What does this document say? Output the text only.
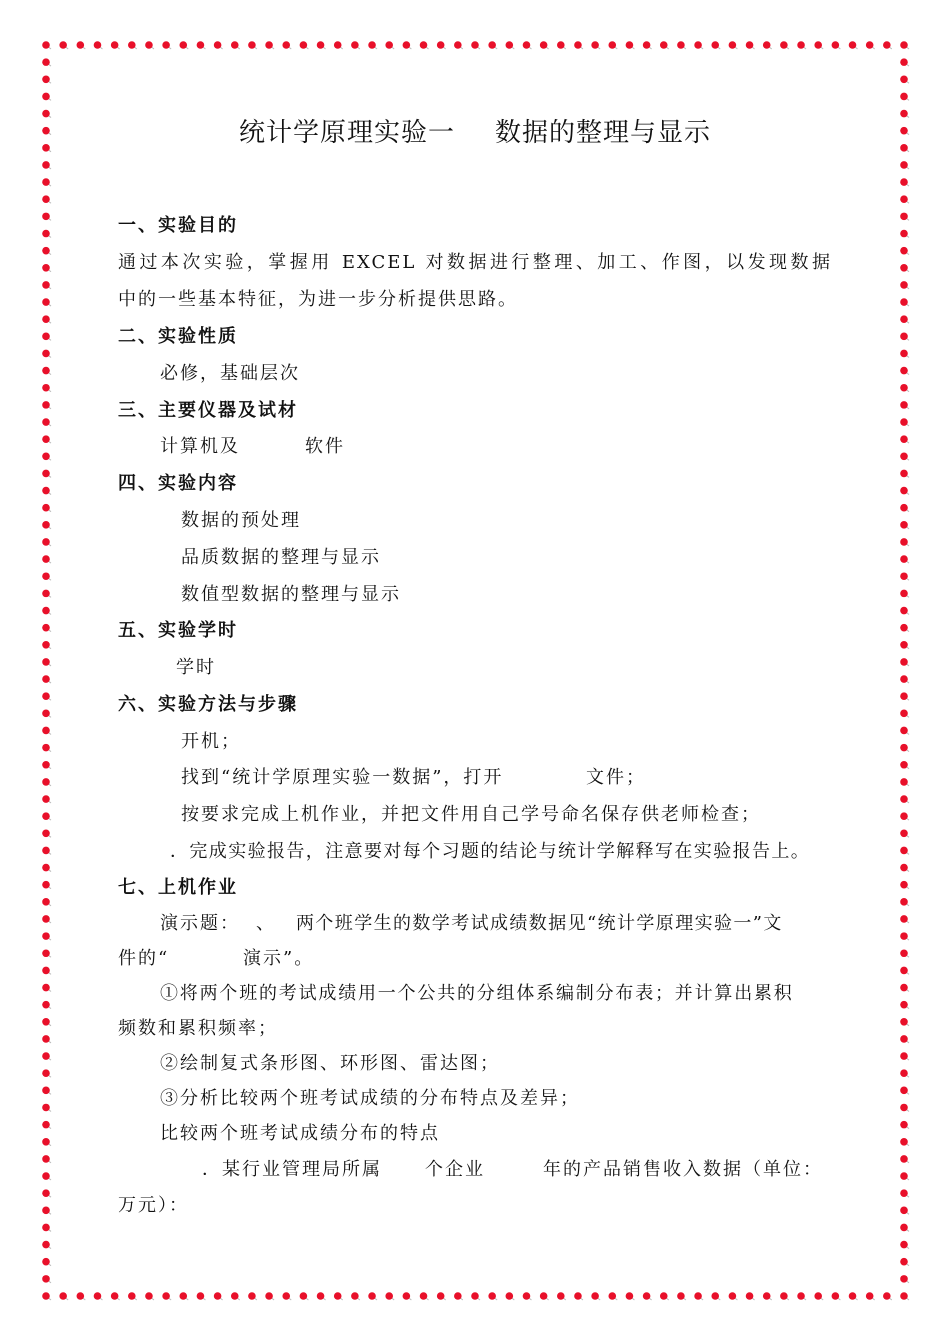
统计学原理实验一 数据的整理与显示
一、实验目的
通过本次实验，掌握用 EXCEL 对数据进行整理、加工、作图，以发现数据
中的一些基本特征，为进一步分析提供思路。
二、实验性质
必修，基础层次
三、主要仪器及试材
计算机及	软件
四、实验内容
数据的预处理
品质数据的整理与显示
数值型数据的整理与显示
五、实验学时
学时
六、实验方法与步骤
开机；
找到“统计学原理实验一数据”，打开	文件；
按要求完成上机作业，并把文件用自己学号命名保存供老师检查；
．完成实验报告，注意要对每个习题的结论与统计学解释写在实验报告上。
七、上机作业
演示题： 、 两个班学生的数学考试成绩数据见“统计学原理实验一”文
件的“	演示”。
①将两个班的考试成绩用一个公共的分组体系编制分布表；并计算出累积
频数和累积频率；
②绘制复式条形图、环形图、雷达图；
③分析比较两个班考试成绩的分布特点及差异；
比较两个班考试成绩分布的特点
．某行业管理局所属 个企业	年的产品销售收入数据（单位：
万元）：
